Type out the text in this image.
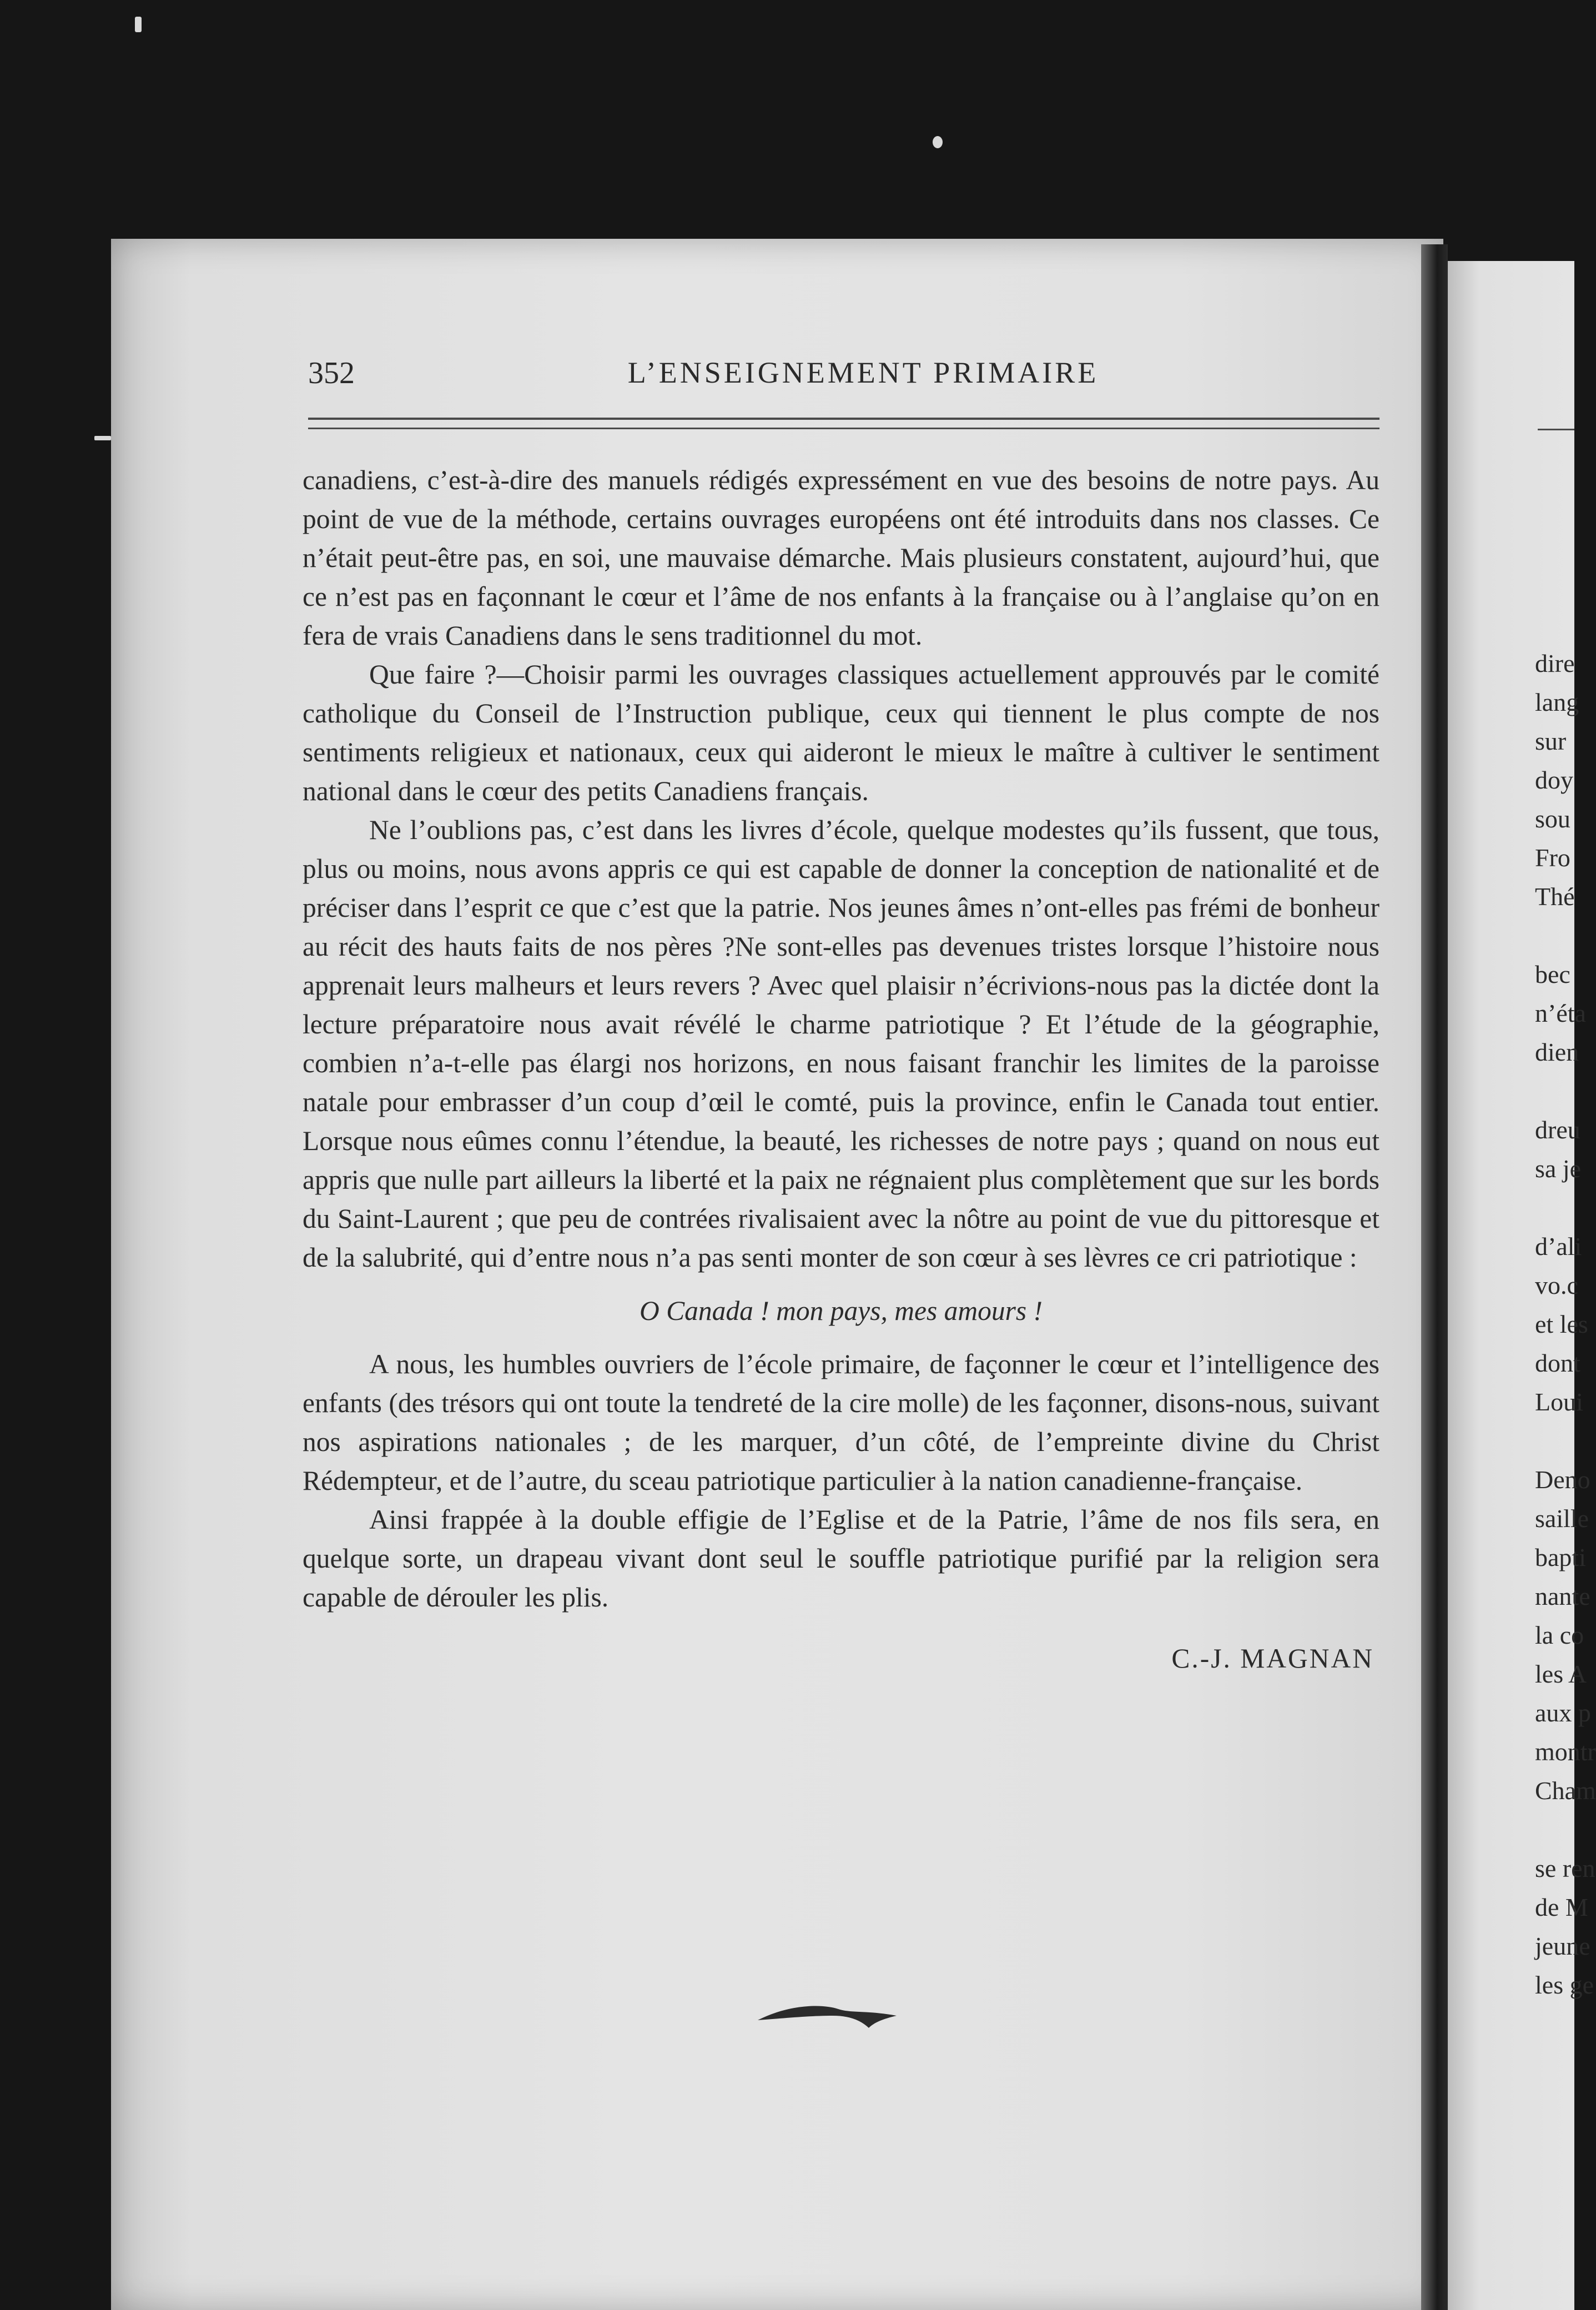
352	L’ENSEIGNEMENT PRIMAIRE

canadiens, c’est-à-dire des manuels rédigés expressément en vue des besoins de notre pays. Au point de vue de la méthode, certains ouvrages européens ont été introduits dans nos classes. Ce n’était peut-être pas, en soi, une mauvaise démarche. Mais plusieurs constatent, aujourd’hui, que ce n’est pas en façonnant le cœur et l’âme de nos enfants à la française ou à l’anglaise qu’on en fera de vrais Canadiens dans le sens traditionnel du mot.

Que faire ?—Choisir parmi les ouvrages classiques actuellement approuvés par le comité catholique du Conseil de l’Instruction publique, ceux qui tiennent le plus compte de nos sentiments religieux et nationaux, ceux qui aideront le mieux le maître à cultiver le sentiment national dans le cœur des petits Canadiens français.

Ne l’oublions pas, c’est dans les livres d’école, quelque modestes qu’ils fussent, que tous, plus ou moins, nous avons appris ce qui est capable de donner la conception de nationalité et de préciser dans l’esprit ce que c’est que la patrie. Nos jeunes âmes n’ont-elles pas frémi de bonheur au récit des hauts faits de nos pères ?Ne sont-elles pas devenues tristes lorsque l’histoire nous apprenait leurs malheurs et leurs revers ? Avec quel plaisir n’écrivions-nous pas la dictée dont la lecture préparatoire nous avait révélé le charme patriotique ? Et l’étude de la géographie, combien n’a-t-elle pas élargi nos horizons, en nous faisant franchir les limites de la paroisse natale pour embrasser d’un coup d’œil le comté, puis la province, enfin le Canada tout entier. Lorsque nous eûmes connu l’étendue, la beauté, les richesses de notre pays ; quand on nous eut appris que nulle part ailleurs la liberté et la paix ne régnaient plus complètement que sur les bords du Saint-Laurent ; que peu de contrées rivalisaient avec la nôtre au point de vue du pittoresque et de la salubrité, qui d’entre nous n’a pas senti monter de son cœur à ses lèvres ce cri patriotique :

O Canada ! mon pays, mes amours !

A nous, les humbles ouvriers de l’école primaire, de façonner le cœur et l’intelligence des enfants (des trésors qui ont toute la tendreté de la cire molle) de les façonner, disons-nous, suivant nos aspirations nationales ; de les marquer, d’un côté, de l’empreinte divine du Christ Rédempteur, et de l’autre, du sceau patriotique particulier à la nation canadienne-française.

Ainsi frappée à la double effigie de l’Eglise et de la Patrie, l’âme de nos fils sera, en quelque sorte, un drapeau vivant dont seul le souffle patriotique purifié par la religion sera capable de dérouler les plis.

C.-J. MAGNAN

dire
lang
sur
doy
sou
Fro
Thé
bec
n’éta
dien
dreu
sa je
d’ali
vo.c
et les
dont
Loui
Deno
saille
bapti
nante
la co
les A
aux p
montr
Cham
se ren
de M
jeune
les ge
